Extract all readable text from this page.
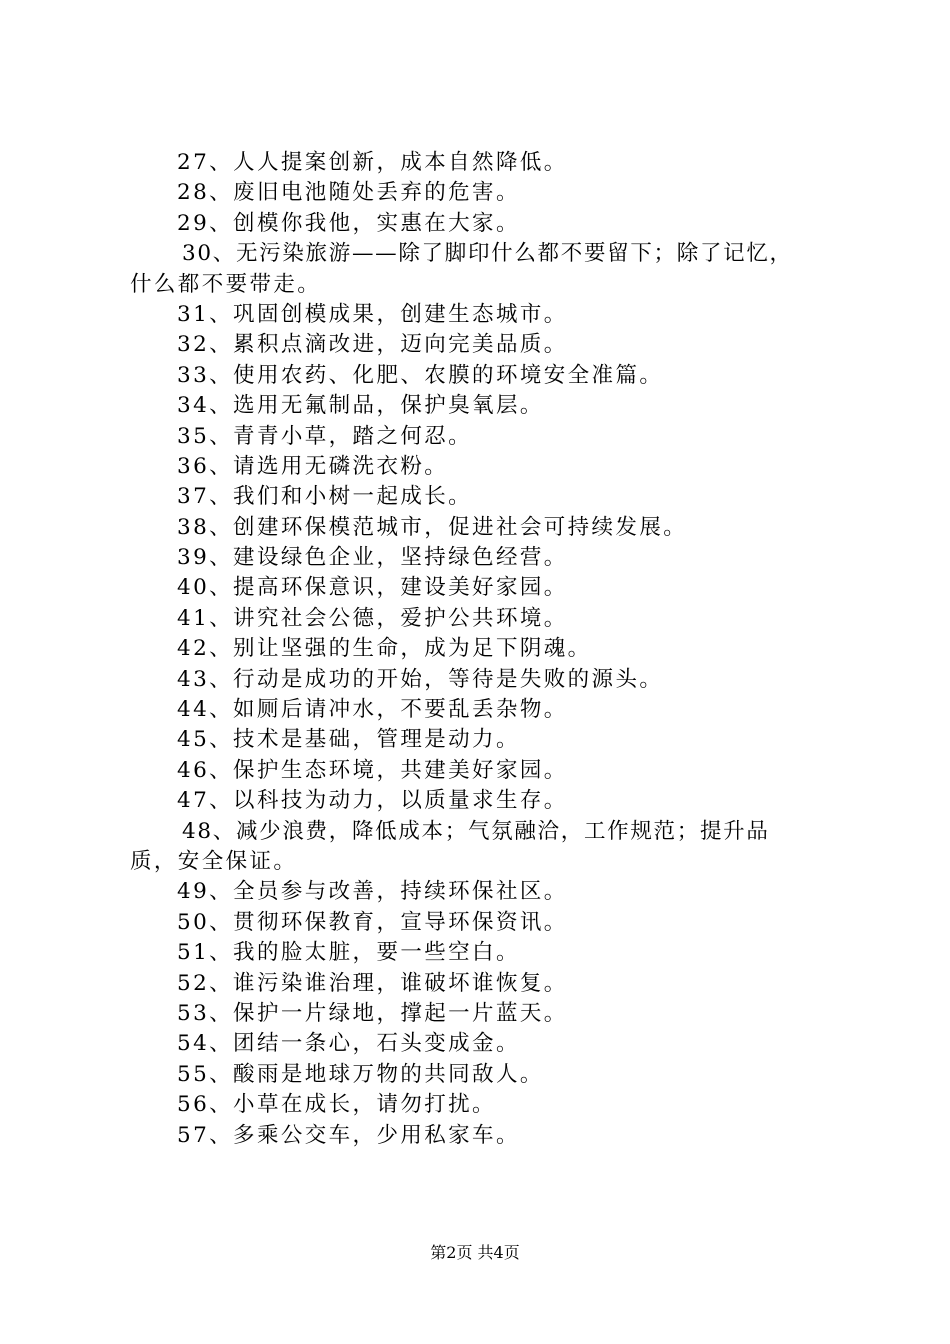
27、人人提案创新，成本自然降低。
28、废旧电池随处丢弃的危害。
29、创模你我他，实惠在大家。
30、无污染旅游——除了脚印什么都不要留下；除了记忆，
什么都不要带走。
31、巩固创模成果，创建生态城市。
32、累积点滴改进，迈向完美品质。
33、使用农药、化肥、农膜的环境安全准篇。
34、选用无氟制品，保护臭氧层。
35、青青小草，踏之何忍。
36、请选用无磷洗衣粉。
37、我们和小树一起成长。
38、创建环保模范城市，促进社会可持续发展。
39、建设绿色企业，坚持绿色经营。
40、提高环保意识，建设美好家园。
41、讲究社会公德，爱护公共环境。
42、别让坚强的生命，成为足下阴魂。
43、行动是成功的开始，等待是失败的源头。
44、如厕后请冲水，不要乱丢杂物。
45、技术是基础，管理是动力。
46、保护生态环境，共建美好家园。
47、以科技为动力，以质量求生存。
48、减少浪费，降低成本；气氛融洽，工作规范；提升品
质，安全保证。
49、全员参与改善，持续环保社区。
50、贯彻环保教育，宣导环保资讯。
51、我的脸太脏，要一些空白。
52、谁污染谁治理，谁破坏谁恢复。
53、保护一片绿地，撑起一片蓝天。
54、团结一条心，石头变成金。
55、酸雨是地球万物的共同敌人。
56、小草在成长，请勿打扰。
57、多乘公交车，少用私家车。
第2页 共4页
